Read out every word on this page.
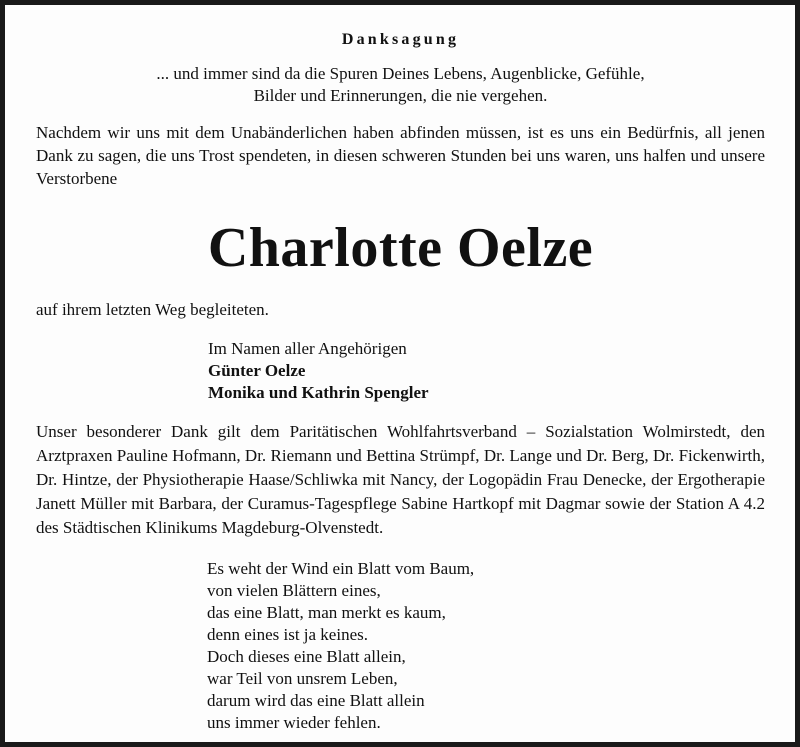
Danksagung
... und immer sind da die Spuren Deines Lebens, Augenblicke, Gefühle,
Bilder und Erinnerungen, die nie vergehen.

Nachdem wir uns mit dem Unabänderlichen haben abfinden müssen, ist es uns ein Bedürfnis, all jenen Dank zu sagen, die uns Trost spendeten, in diesen schweren Stunden bei uns waren, uns halfen und unsere Verstorbene

Charlotte Oelze

auf ihrem letzten Weg begleiteten.

Im Namen aller Angehörigen
Günter Oelze
Monika und Kathrin Spengler

Unser besonderer Dank gilt dem Paritätischen Wohlfahrtsverband – Sozialstation Wolmirstedt, den Arztpraxen Pauline Hofmann, Dr. Riemann und Bettina Strümpf, Dr. Lange und Dr. Berg, Dr. Fickenwirth, Dr. Hintze, der Physiotherapie Haase/Schliwka mit Nancy, der Logopädin Frau Denecke, der Ergotherapie Janett Müller mit Barbara, der Curamus-Tagespflege Sabine Hartkopf mit Dagmar sowie der Station A 4.2 des Städtischen Klinikums Magdeburg-Olvenstedt.

Es weht der Wind ein Blatt vom Baum,
von vielen Blättern eines,
das eine Blatt, man merkt es kaum,
denn eines ist ja keines.
Doch dieses eine Blatt allein,
war Teil von unsrem Leben,
darum wird das eine Blatt allein
uns immer wieder fehlen.
